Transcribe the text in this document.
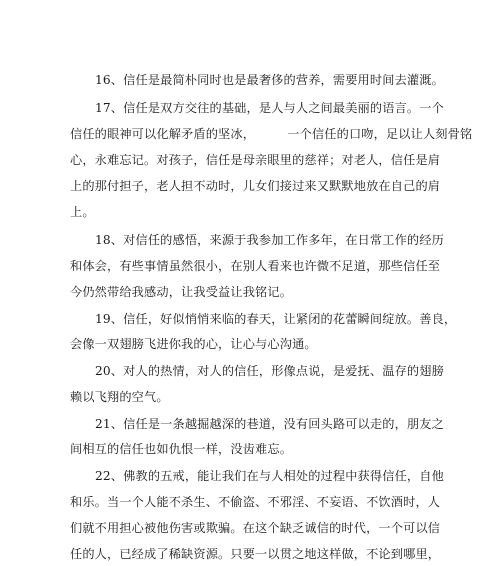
16、信任是最简朴同时也是最奢侈的营养，需要用时间去灌溉。
17、信任是双方交往的基础，是人与人之间最美丽的语言。一个
信任的眼神可以化解矛盾的坚冰，        一个信任的口吻，足以让人刻骨铭
心，永难忘记。对孩子，信任是母亲眼里的慈祥；对老人，信任是肩
上的那付担子，老人担不动时，儿女们接过来又默默地放在自己的肩
上。
18、对信任的感悟，来源于我参加工作多年，在日常工作的经历
和体会，有些事情虽然很小，在别人看来也许微不足道，那些信任至
今仍然带给我感动，让我受益让我铭记。
19、信任，好似悄悄来临的春天，让紧闭的花蕾瞬间绽放。善良，
会像一双翅膀飞进你我的心，让心与心沟通。
20、对人的热情，对人的信任，形像点说，是爱抚、温存的翅膀
赖以飞翔的空气。
21、信任是一条越掘越深的巷道，没有回头路可以走的，朋友之
间相互的信任也如仇恨一样，没齿难忘。
22、佛教的五戒，能让我们在与人相处的过程中获得信任，自他
和乐。当一个人能不杀生、不偷盗、不邪淫、不妄语、不饮酒时，人
们就不用担心被他伤害或欺骗。在这个缺乏诚信的时代，一个可以信
任的人，已经成了稀缺资源。只要一以贯之地这样做，不论到哪里，
